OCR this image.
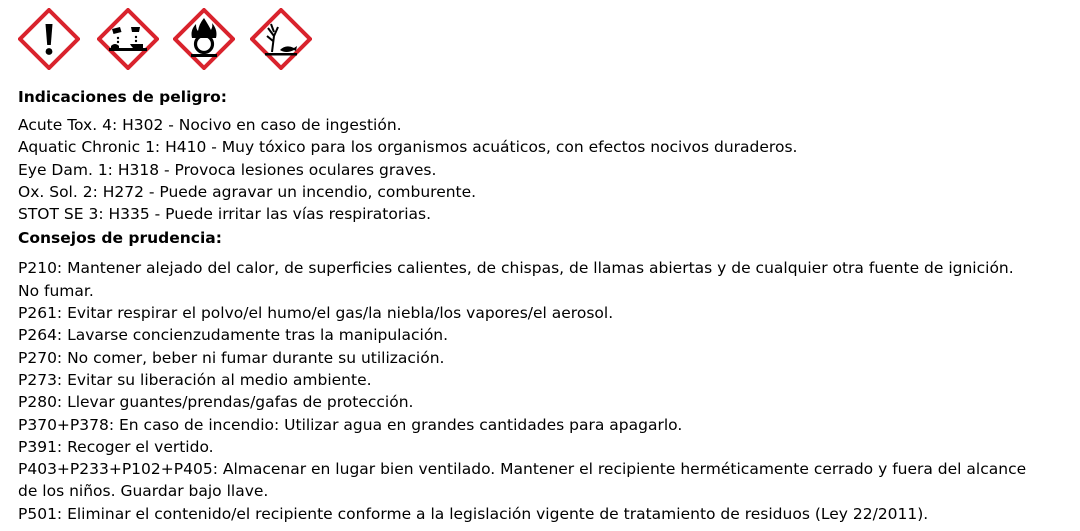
Indicaciones de peligro:

Acute Tox. 4: H302 - Nocivo en caso de ingestión.

Aquatic Chronic 1: H410 - Muy tóxico para los organismos acuáticos, con efectos nocivos duraderos.

Eye Dam. 1: H318 - Provoca lesiones oculares graves.

Ox. Sol. 2: H272 - Puede agravar un incendio, comburente.

STOT SE 3: H335 - Puede irritar las vías respiratorias.

Consejos de prudencia:

P210: Mantener alejado del calor, de superficies calientes, de chispas, de llamas abiertas y de cualquier otra fuente de ignición.

No fumar.

P261: Evitar respirar el polvo/el humo/el gas/la niebla/los vapores/el aerosol.

P264: Lavarse concienzudamente tras la manipulación.

P270: No comer, beber ni fumar durante su utilización.

P273: Evitar su liberación al medio ambiente.

P280: Llevar guantes/prendas/gafas de protección.

P370+P378: En caso de incendio: Utilizar agua en grandes cantidades para apagarlo.

P391: Recoger el vertido.

P403+P233+P102+P405: Almacenar en lugar bien ventilado. Mantener el recipiente herméticamente cerrado y fuera del alcance

de los niños. Guardar bajo llave.

P501: Eliminar el contenido/el recipiente conforme a la legislación vigente de tratamiento de residuos (Ley 22/2011).
